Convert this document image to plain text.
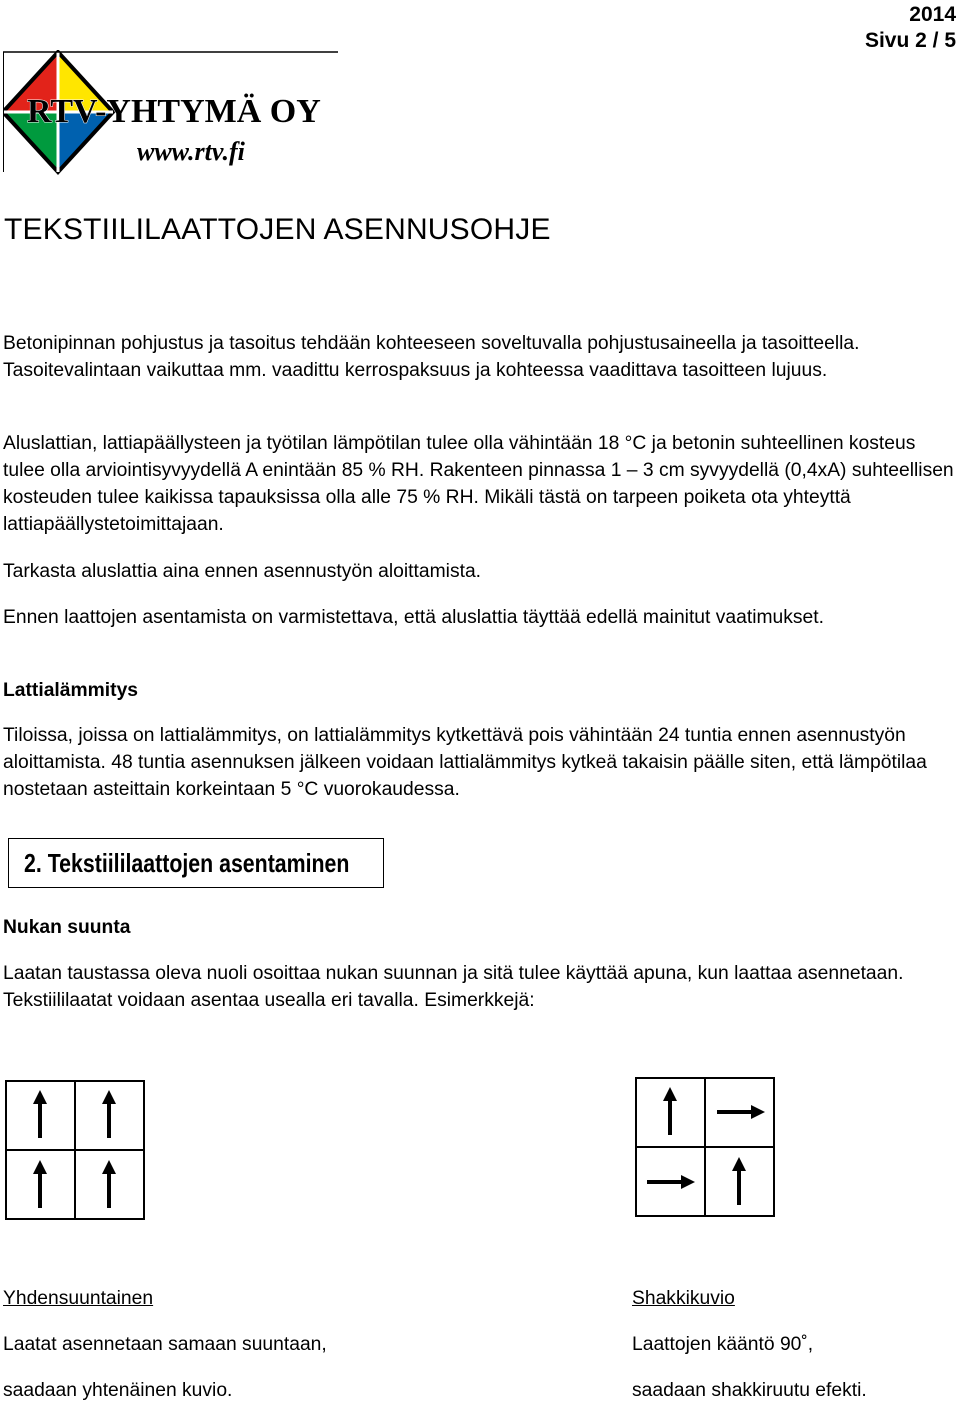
2014
Sivu 2 / 5
RTV-YHTYMÄ OY
www.rtv.fi
TEKSTIILILAATTOJEN ASENNUSOHJE

Betonipinnan pohjustus ja tasoitus tehdään kohteeseen soveltuvalla pohjustusaineella ja tasoitteella. Tasoitevalintaan vaikuttaa mm. vaadittu kerrospaksuus ja kohteessa vaadittava tasoitteen lujuus.

Aluslattian, lattiapäällysteen ja työtilan lämpötilan tulee olla vähintään 18 °C ja betonin suhteellinen kosteus tulee olla arviointisyvyydellä A enintään 85 % RH. Rakenteen pinnassa 1 – 3 cm syvyydellä (0,4xA) suhteellisen kosteuden tulee kaikissa tapauksissa olla alle 75 % RH. Mikäli tästä on tarpeen poiketa ota yhteyttä lattiapäällystetoimittajaan.

Tarkasta aluslattia aina ennen asennustyön aloittamista.

Ennen laattojen asentamista on varmistettava, että aluslattia täyttää edellä mainitut vaatimukset.

Lattialämmitys

Tiloissa, joissa on lattialämmitys, on lattialämmitys kytkettävä pois vähintään 24 tuntia ennen asennustyön aloittamista. 48 tuntia asennuksen jälkeen voidaan lattialämmitys kytkeä takaisin päälle siten, että lämpötilaa nostetaan asteittain korkeintaan 5 °C vuorokaudessa.

2. Tekstiililaattojen asentaminen
Nukan suunta

Laatan taustassa oleva nuoli osoittaa nukan suunnan ja sitä tulee käyttää apuna, kun laattaa asennetaan. Tekstiililaatat voidaan asentaa usealla eri tavalla. Esimerkkejä:

Yhdensuuntainen

Laatat asennetaan samaan suuntaan,

saadaan yhtenäinen kuvio.

Shakkikuvio

Laattojen kääntö 90˚,

saadaan shakkiruutu efekti.
